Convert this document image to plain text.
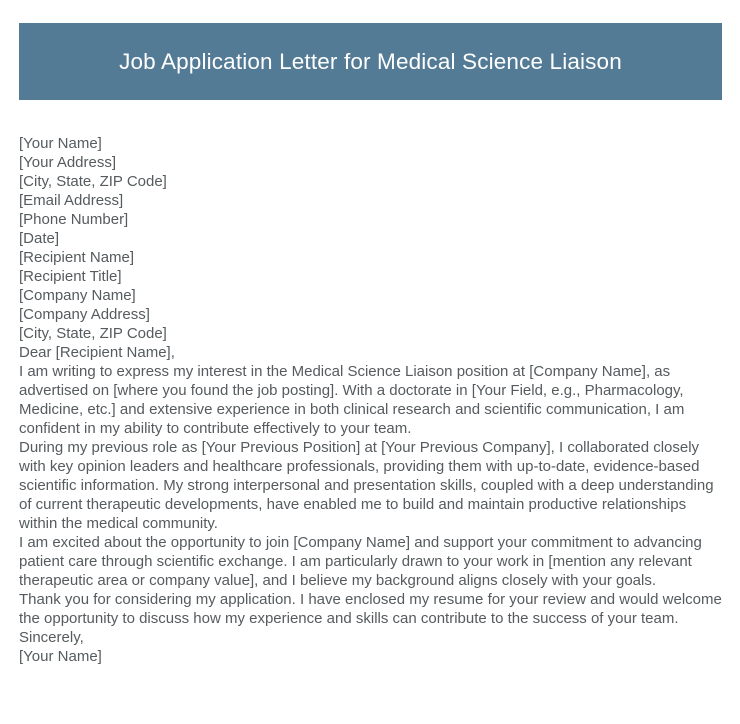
Job Application Letter for Medical Science Liaison
[Your Name]
[Your Address]
[City, State, ZIP Code]
[Email Address]
[Phone Number]
[Date]
[Recipient Name]
[Recipient Title]
[Company Name]
[Company Address]
[City, State, ZIP Code]
Dear [Recipient Name],

I am writing to express my interest in the Medical Science Liaison position at [Company Name], as advertised on [where you found the job posting]. With a doctorate in [Your Field, e.g., Pharmacology, Medicine, etc.] and extensive experience in both clinical research and scientific communication, I am confident in my ability to contribute effectively to your team.

During my previous role as [Your Previous Position] at [Your Previous Company], I collaborated closely with key opinion leaders and healthcare professionals, providing them with up-to-date, evidence-based scientific information. My strong interpersonal and presentation skills, coupled with a deep understanding of current therapeutic developments, have enabled me to build and maintain productive relationships within the medical community.

I am excited about the opportunity to join [Company Name] and support your commitment to advancing patient care through scientific exchange. I am particularly drawn to your work in [mention any relevant therapeutic area or company value], and I believe my background aligns closely with your goals.

Thank you for considering my application. I have enclosed my resume for your review and would welcome the opportunity to discuss how my experience and skills can contribute to the success of your team.

Sincerely,
[Your Name]
